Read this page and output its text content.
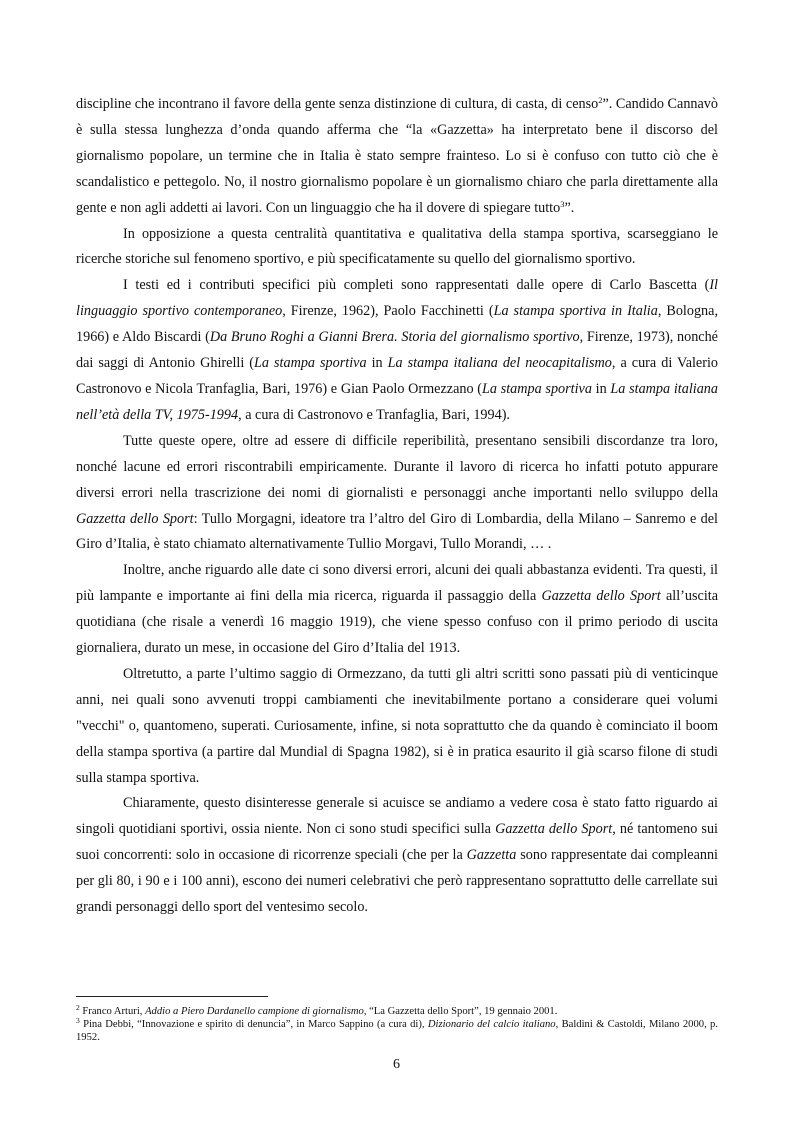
discipline che incontrano il favore della gente senza distinzione di cultura, di casta, di censo$^2$”. Candido Cannavò è sulla stessa lunghezza d’onda quando afferma che “la «Gazzetta» ha interpretato bene il discorso del giornalismo popolare, un termine che in Italia è stato sempre frainteso. Lo si è confuso con tutto ciò che è scandalistico e pettegolo. No, il nostro giornalismo popolare è un giornalismo chiaro che parla direttamente alla gente e non agli addetti ai lavori. Con un linguaggio che ha il dovere di spiegare tutto$^3$”.

In opposizione a questa centralità quantitativa e qualitativa della stampa sportiva, scarseggiano le ricerche storiche sul fenomeno sportivo, e più specificatamente su quello del giornalismo sportivo.

I testi ed i contributi specifici più completi sono rappresentati dalle opere di Carlo Bascetta (Il linguaggio sportivo contemporaneo, Firenze, 1962), Paolo Facchinetti (La stampa sportiva in Italia, Bologna, 1966) e Aldo Biscardi (Da Bruno Roghi a Gianni Brera. Storia del giornalismo sportivo, Firenze, 1973), nonché dai saggi di Antonio Ghirelli (La stampa sportiva in La stampa italiana del neocapitalismo, a cura di Valerio Castronovo e Nicola Tranfaglia, Bari, 1976) e Gian Paolo Ormezzano (La stampa sportiva in La stampa italiana nell’età della TV, 1975-1994, a cura di Castronovo e Tranfaglia, Bari, 1994).

Tutte queste opere, oltre ad essere di difficile reperibilità, presentano sensibili discordanze tra loro, nonché lacune ed errori riscontrabili empiricamente. Durante il lavoro di ricerca ho infatti potuto appurare diversi errori nella trascrizione dei nomi di giornalisti e personaggi anche importanti nello sviluppo della Gazzetta dello Sport: Tullo Morgagni, ideatore tra l’altro del Giro di Lombardia, della Milano – Sanremo e del Giro d’Italia, è stato chiamato alternativamente Tullio Morgavi, Tullo Morandi, … .

Inoltre, anche riguardo alle date ci sono diversi errori, alcuni dei quali abbastanza evidenti. Tra questi, il più lampante e importante ai fini della mia ricerca, riguarda il passaggio della Gazzetta dello Sport all’uscita quotidiana (che risale a venerdì 16 maggio 1919), che viene spesso confuso con il primo periodo di uscita giornaliera, durato un mese, in occasione del Giro d’Italia del 1913.

Oltretutto, a parte l’ultimo saggio di Ormezzano, da tutti gli altri scritti sono passati più di venticinque anni, nei quali sono avvenuti troppi cambiamenti che inevitabilmente portano a considerare quei volumi "vecchi" o, quantomeno, superati. Curiosamente, infine, si nota soprattutto che da quando è cominciato il boom della stampa sportiva (a partire dal Mundial di Spagna 1982), si è in pratica esaurito il già scarso filone di studi sulla stampa sportiva.

Chiaramente, questo disinteresse generale si acuisce se andiamo a vedere cosa è stato fatto riguardo ai singoli quotidiani sportivi, ossia niente. Non ci sono studi specifici sulla Gazzetta dello Sport, né tantomeno sui suoi concorrenti: solo in occasione di ricorrenze speciali (che per la Gazzetta sono rappresentate dai compleanni per gli 80, i 90 e i 100 anni), escono dei numeri celebrativi che però rappresentano soprattutto delle carrellate sui grandi personaggi dello sport del ventesimo secolo.

$^2$ Franco Arturi, Addio a Piero Dardanello campione di giornalismo, “La Gazzetta dello Sport”, 19 gennaio 2001.

$^3$ Pina Debbi, “Innovazione e spirito di denuncia”, in Marco Sappino (a cura di), Dizionario del calcio italiano, Baldini & Castoldi, Milano 2000, p. 1952.

6
